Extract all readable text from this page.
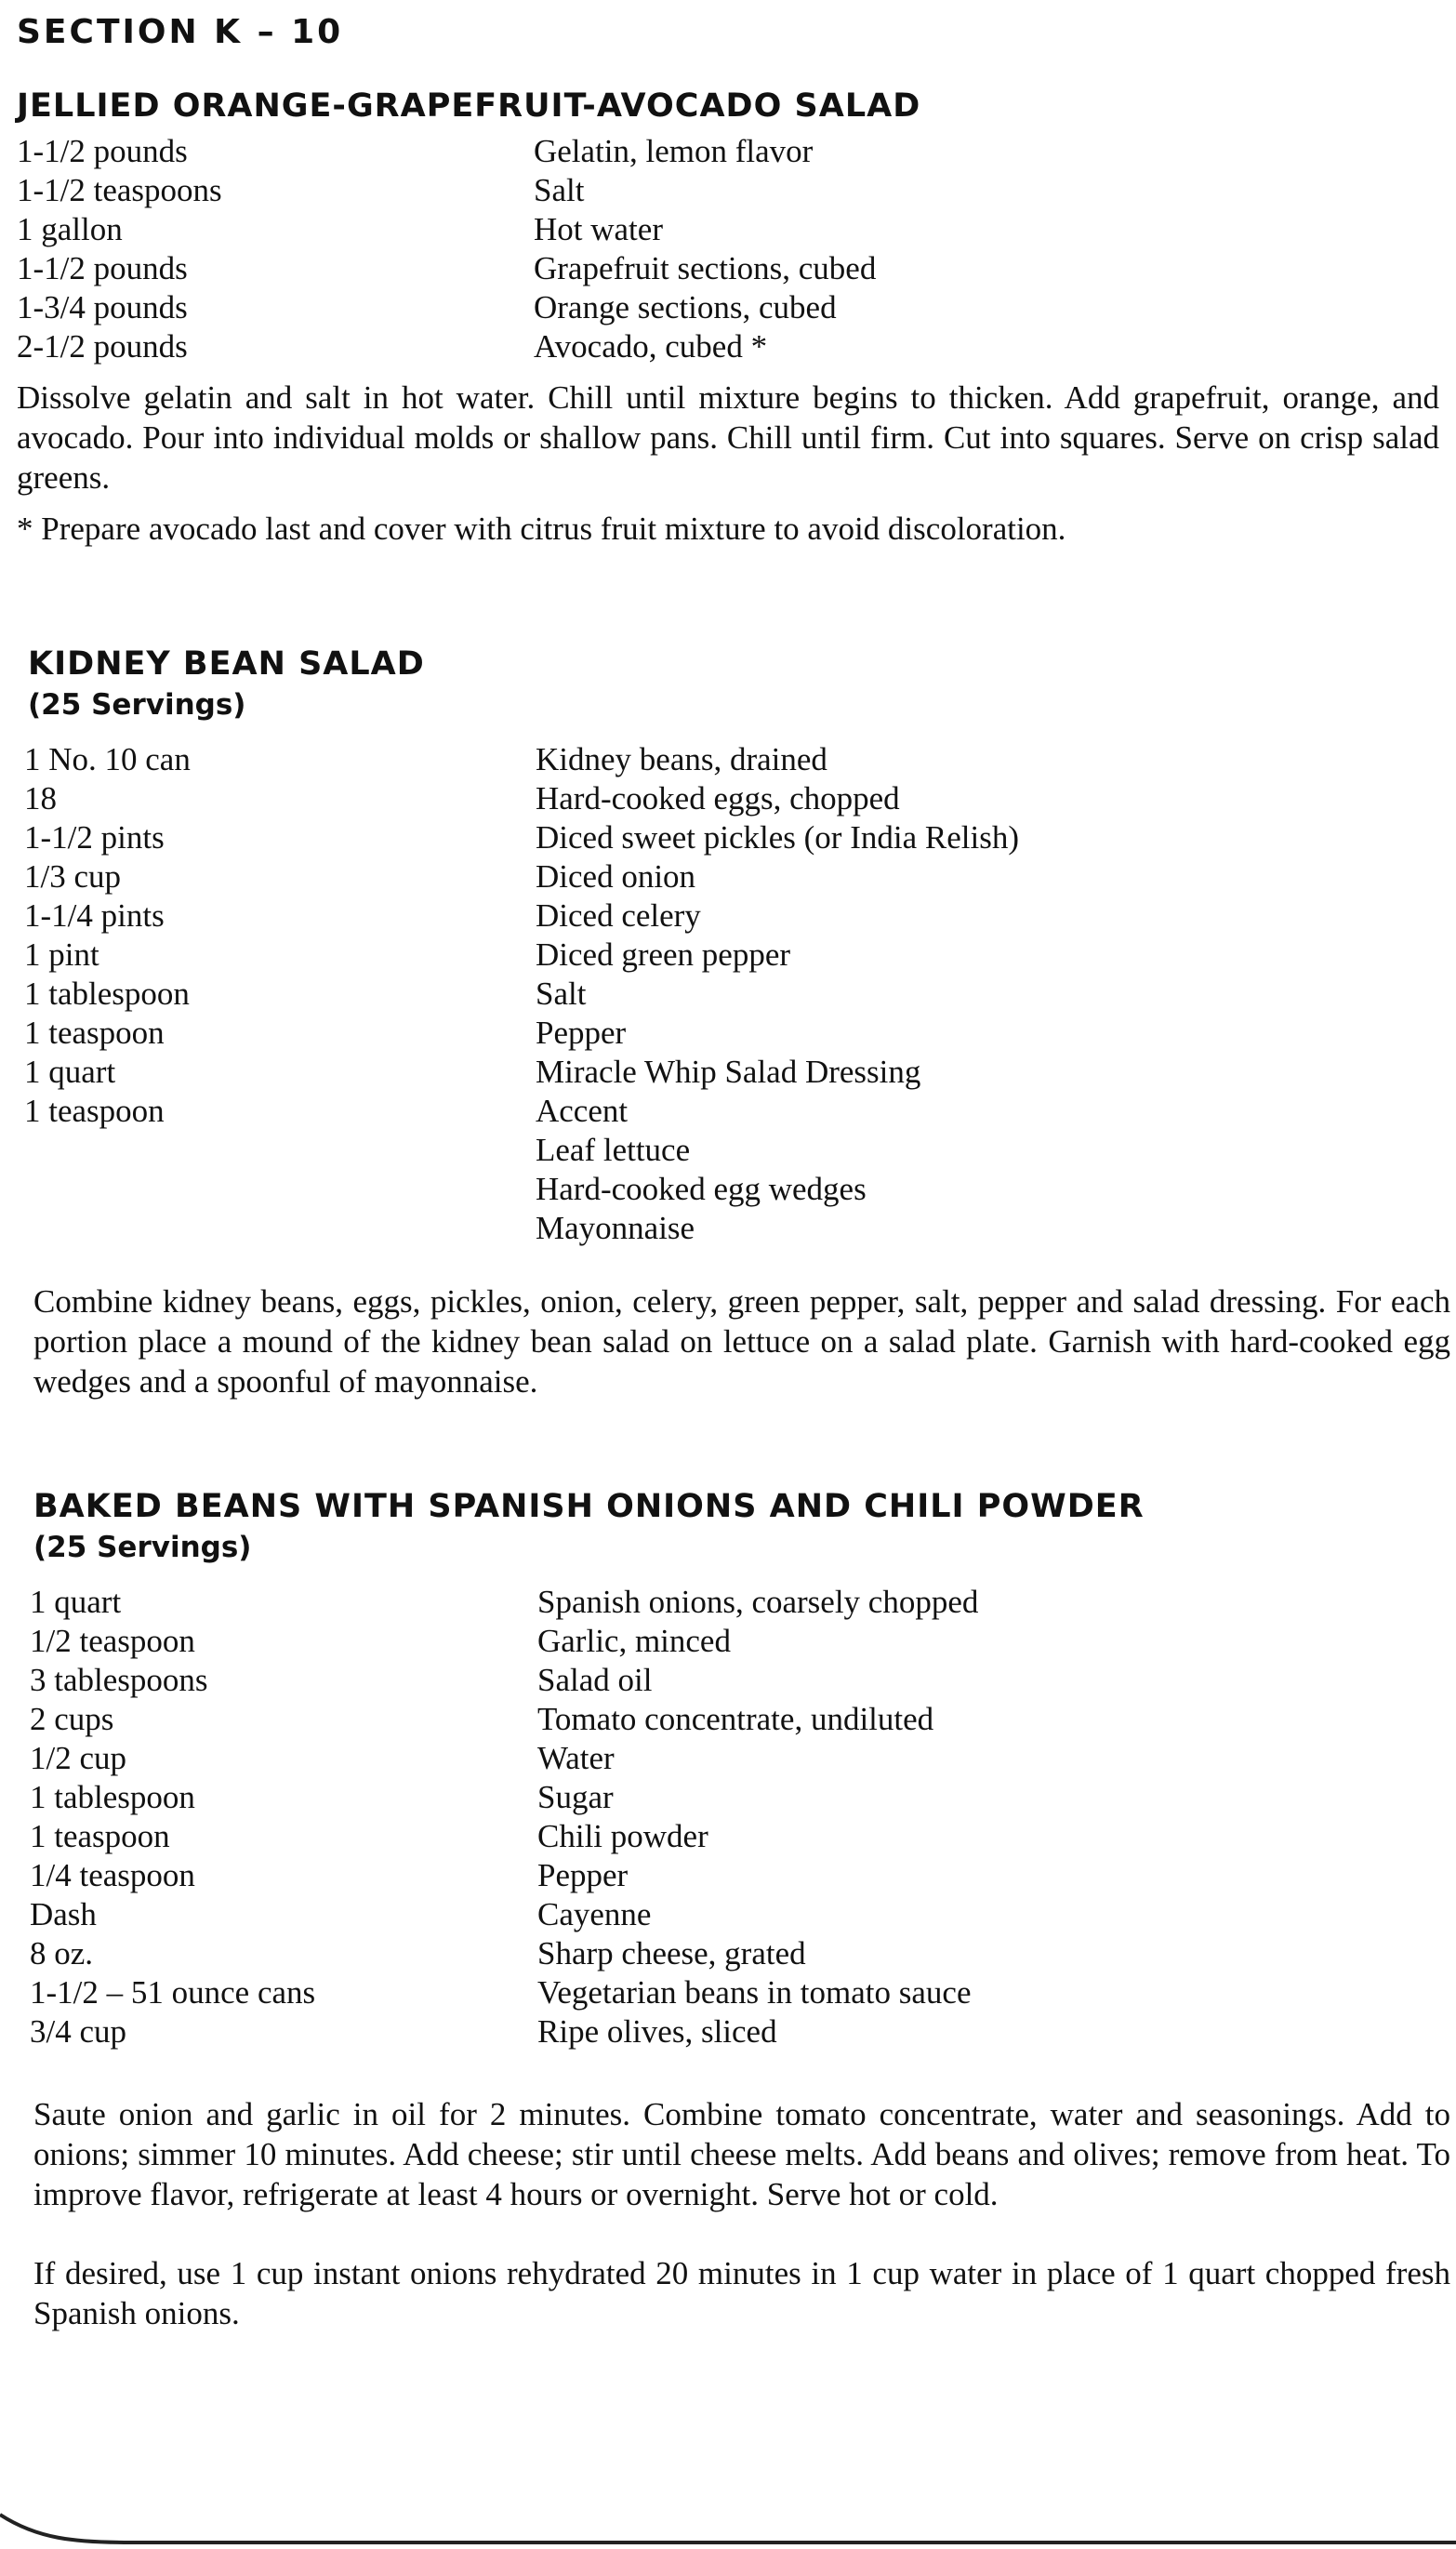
SECTION K – 10
JELLIED ORANGE-GRAPEFRUIT-AVOCADO SALAD
1-1/2 pounds	Gelatin, lemon flavor
1-1/2 teaspoons	Salt
1 gallon	Hot water
1-1/2 pounds	Grapefruit sections, cubed
1-3/4 pounds	Orange sections, cubed
2-1/2 pounds	Avocado, cubed *

Dissolve gelatin and salt in hot water. Chill until mixture begins to thicken. Add grapefruit, orange, and avocado. Pour into individual molds or shallow pans. Chill until firm. Cut into squares. Serve on crisp salad greens.

* Prepare avocado last and cover with citrus fruit mixture to avoid discoloration.

KIDNEY BEAN SALAD
(25 Servings)
1 No. 10 can	Kidney beans, drained
18	Hard-cooked eggs, chopped
1-1/2 pints	Diced sweet pickles (or India Relish)
1/3 cup	Diced onion
1-1/4 pints	Diced celery
1 pint	Diced green pepper
1 tablespoon	Salt
1 teaspoon	Pepper
1 quart	Miracle Whip Salad Dressing
1 teaspoon	Accent
Leaf lettuce
Hard-cooked egg wedges
Mayonnaise

Combine kidney beans, eggs, pickles, onion, celery, green pepper, salt, pepper and salad dressing. For each portion place a mound of the kidney bean salad on lettuce on a salad plate. Garnish with hard-cooked egg wedges and a spoonful of mayonnaise.

BAKED BEANS WITH SPANISH ONIONS AND CHILI POWDER
(25 Servings)
1 quart	Spanish onions, coarsely chopped
1/2 teaspoon	Garlic, minced
3 tablespoons	Salad oil
2 cups	Tomato concentrate, undiluted
1/2 cup	Water
1 tablespoon	Sugar
1 teaspoon	Chili powder
1/4 teaspoon	Pepper
Dash	Cayenne
8 oz.	Sharp cheese, grated
1-1/2 – 51 ounce cans	Vegetarian beans in tomato sauce
3/4 cup	Ripe olives, sliced

Saute onion and garlic in oil for 2 minutes. Combine tomato concentrate, water and seasonings. Add to onions; simmer 10 minutes. Add cheese; stir until cheese melts. Add beans and olives; remove from heat. To improve flavor, refrigerate at least 4 hours or overnight. Serve hot or cold.

If desired, use 1 cup instant onions rehydrated 20 minutes in 1 cup water in place of 1 quart chopped fresh Spanish onions.
